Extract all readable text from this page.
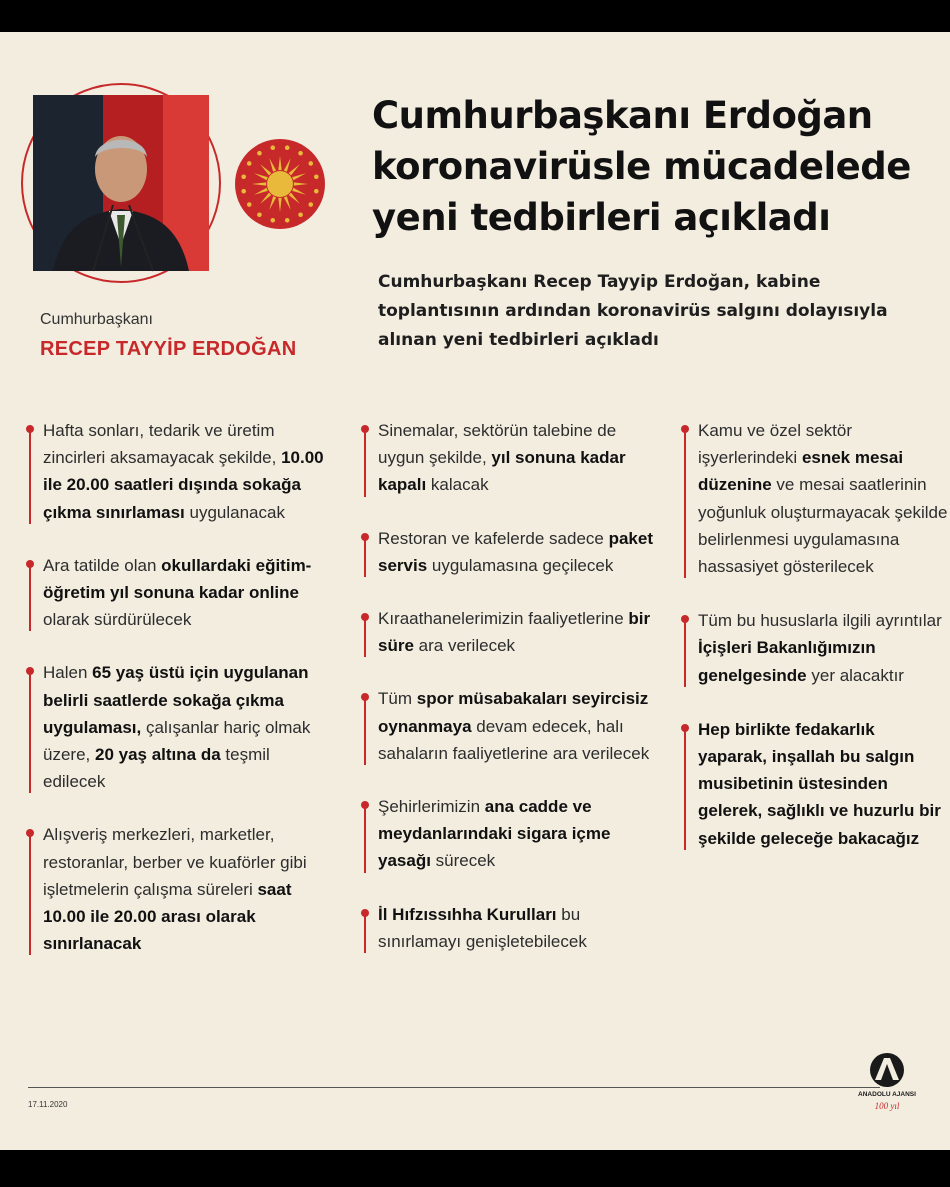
Cumhurbaşkanı Erdoğan koronavirüsle mücadelede yeni tedbirleri açıkladı

Cumhurbaşkanı Recep Tayyip Erdoğan, kabine toplantısının ardından koronavirüs salgını dolayısıyla alınan yeni tedbirleri açıkladı

Cumhurbaşkanı

RECEP TAYYİP ERDOĞAN

Hafta sonları, tedarik ve üretim zincirleri aksamayacak şekilde, 10.00 ile 20.00 saatleri dışında sokağa çıkma sınırlaması uygulanacak

Ara tatilde olan okullardaki eğitim-öğretim yıl sonuna kadar online olarak sürdürülecek

Halen 65 yaş üstü için uygulanan belirli saatlerde sokağa çıkma uygulaması, çalışanlar hariç olmak üzere, 20 yaş altına da teşmil edilecek

Alışveriş merkezleri, marketler, restoranlar, berber ve kuaförler gibi işletmelerin çalışma süreleri saat 10.00 ile 20.00 arası olarak sınırlanacak

Sinemalar, sektörün talebine de uygun şekilde, yıl sonuna kadar kapalı kalacak

Restoran ve kafelerde sadece paket servis uygulamasına geçilecek

Kıraathanelerimizin faaliyetlerine bir süre ara verilecek

Tüm spor müsabakaları seyircisiz oynanmaya devam edecek, halı sahaların faaliyetlerine ara verilecek

Şehirlerimizin ana cadde ve meydanlarındaki sigara içme yasağı sürecek

İl Hıfzıssıhha Kurulları bu sınırlamayı genişletebilecek

Kamu ve özel sektör işyerlerindeki esnek mesai düzenine ve mesai saatlerinin yoğunluk oluşturmayacak şekilde belirlenmesi uygulamasına hassasiyet gösterilecek

Tüm bu hususlarla ilgili ayrıntılar İçişleri Bakanlığımızın genelgesinde yer alacaktır

Hep birlikte fedakarlık yaparak, inşallah bu salgın musibetinin üstesinden gelerek, sağlıklı ve huzurlu bir şekilde geleceğe bakacağız

17.11.2020

ANADOLU AJANSI
100 yıl
